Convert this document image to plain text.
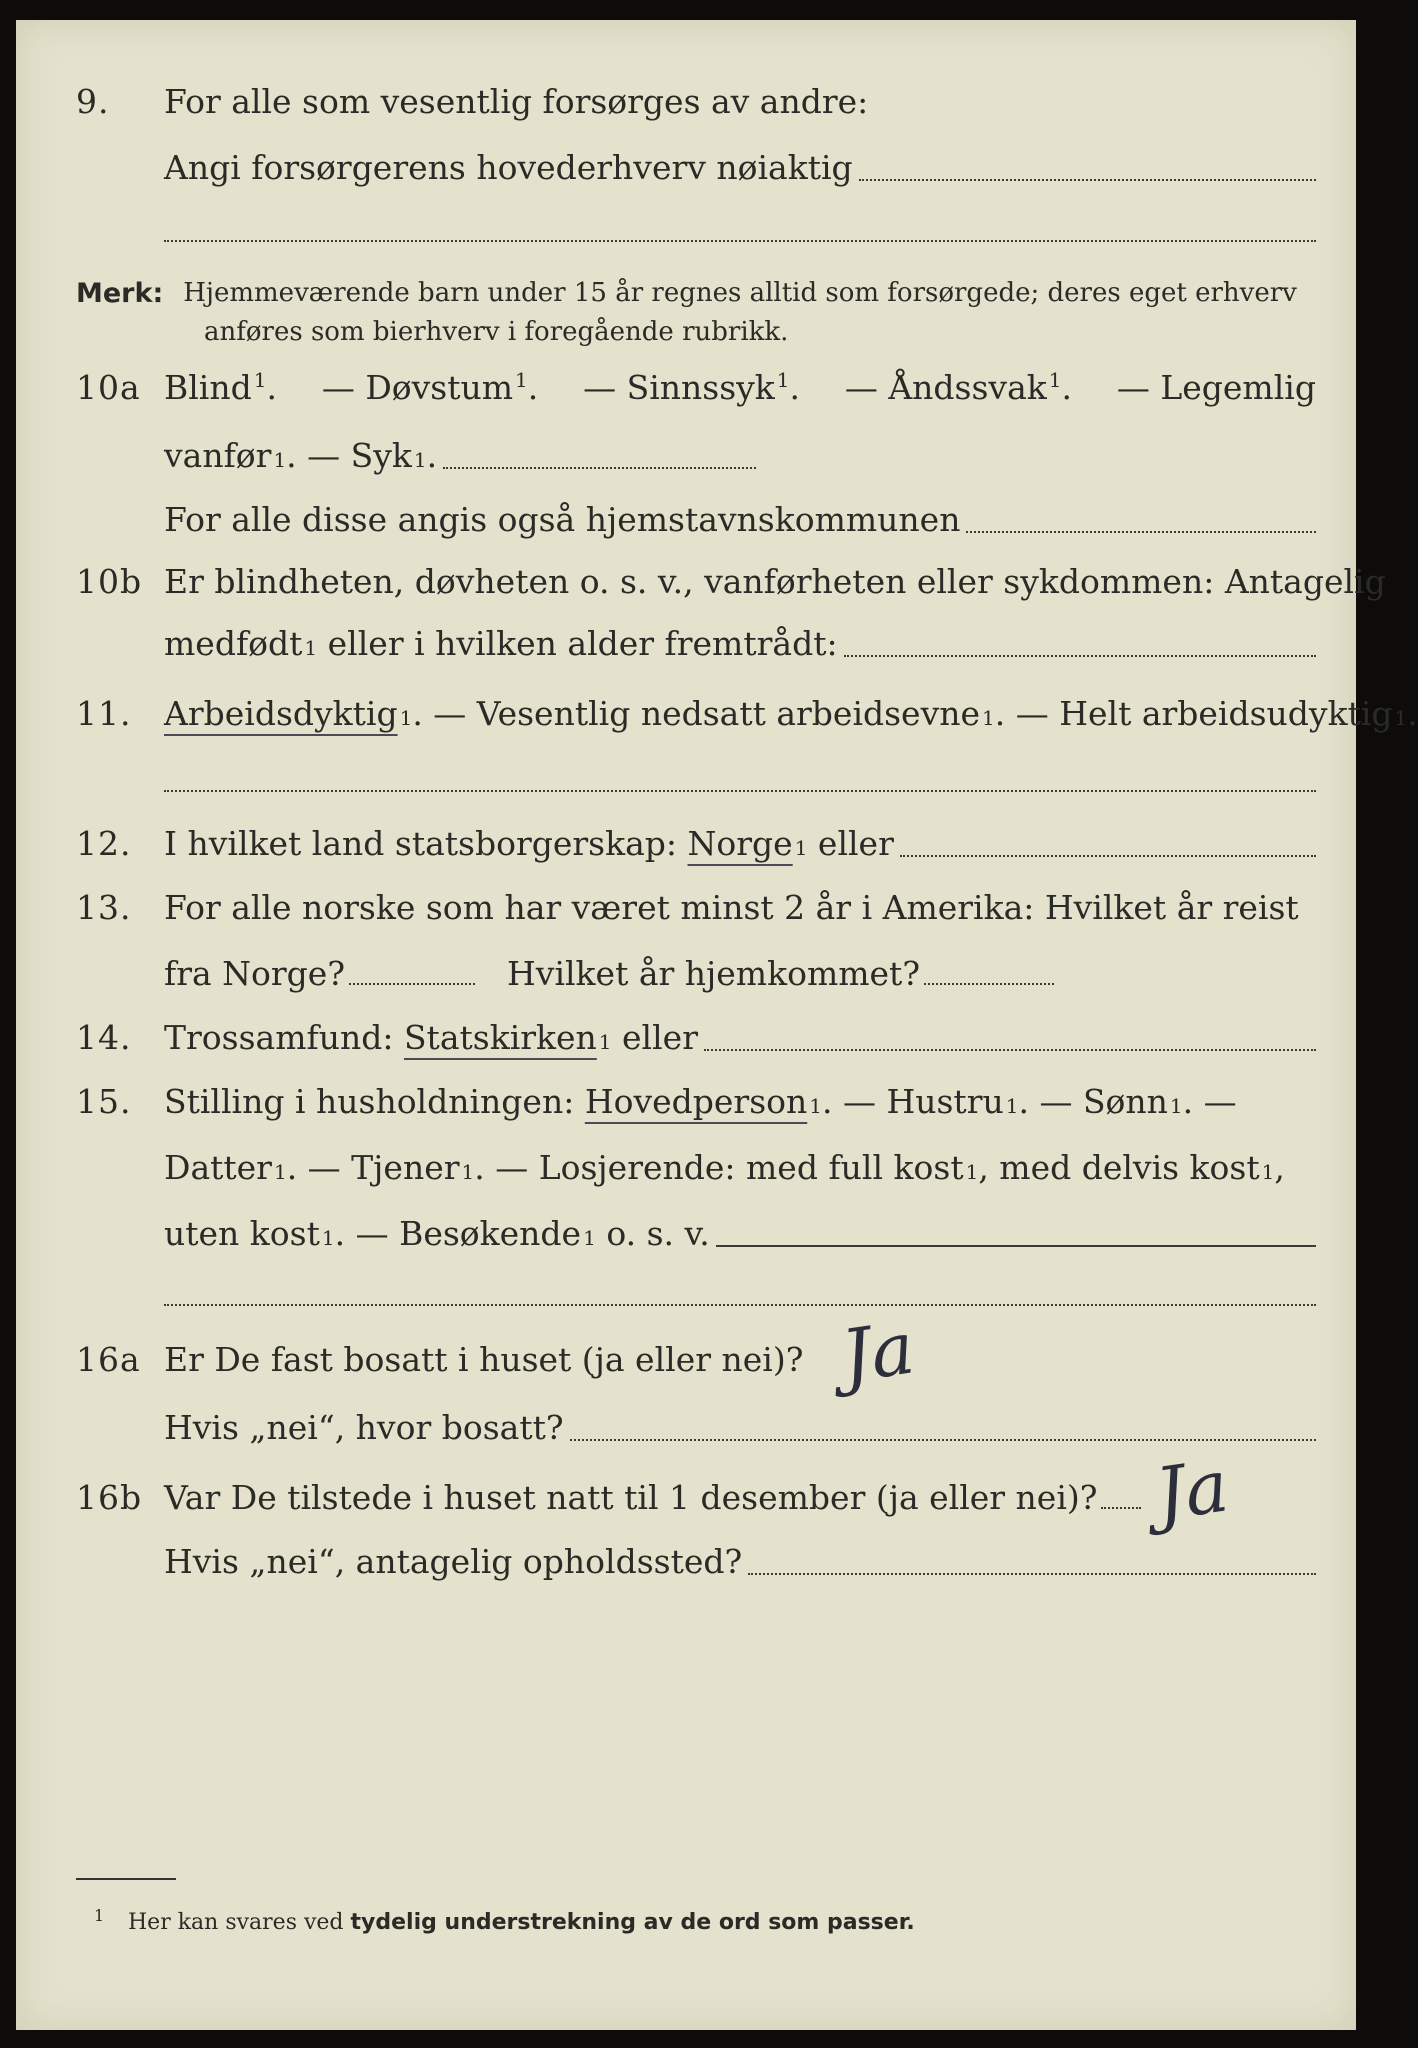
9. For alle som vesentlig forsørges av andre:
Angi forsørgerens hovederhverv nøiaktig
Merk: Hjemmeværende barn under 15 år regnes alltid som forsørgede; deres eget erhverv
anføres som bierhverv i foregående rubrikk.
10a Blind $^1$. — Døvstum $^1$. — Sinnssyk $^1$. — Åndssvak $^1$. — Legemlig
vanfør 1 . — Syk 1 .
For alle disse angis også hjemstavnskommunen
10b Er blindheten, døvheten o. s. v., vanførheten eller sykdommen: Antagelig
medfødt 1 eller i hvilken alder fremtrådt:
11. Arbeidsdyktig 1 . — Vesentlig nedsatt arbeidsevne 1 . — Helt arbeidsudyktig 1 .
12. I hvilket land statsborgerskap: Norge 1 eller
13. For alle norske som har været minst 2 år i Amerika: Hvilket år reist
fra Norge?	Hvilket år hjemkommet?
14. Trossamfund: Statskirken 1 eller
15. Stilling i husholdningen: Hovedperson 1 . — Hustru 1 . — Sønn 1 . —
Datter 1 . — Tjener 1 . — Losjerende: med full kost 1 , med delvis kost 1 ,
uten kost 1 . — Besøkende 1 o. s. v.
16a Er De fast bosatt i huset (ja eller nei)? Ja
Hvis „nei“, hvor bosatt?
16b Var De tilstede i huset natt til 1 desember (ja eller nei)? Ja
Hvis „nei“, antagelig opholdssted?
1 Her kan svares ved tydelig understrekning av de ord som passer.
